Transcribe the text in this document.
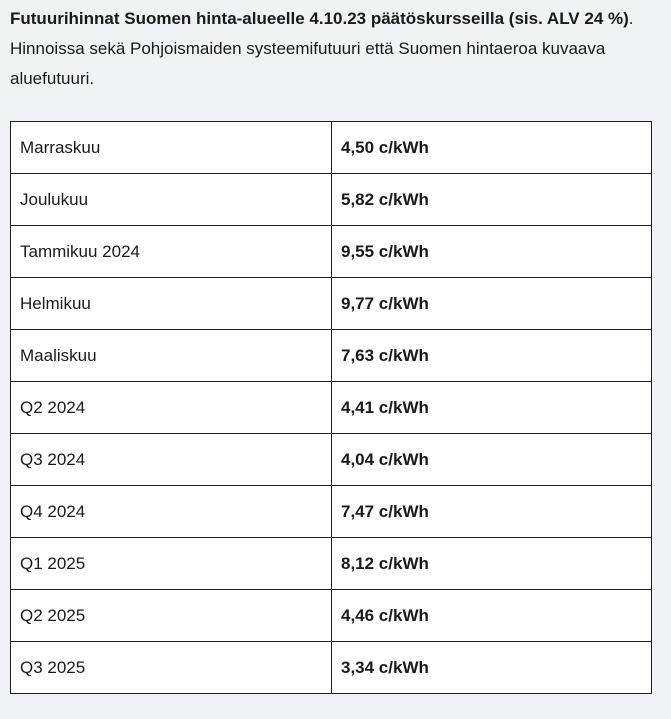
Futuurihinnat Suomen hinta-alueelle 4.10.23 päätöskursseilla (sis. ALV 24 %).
Hinnoissa sekä Pohjoismaiden systeemifutuuri että Suomen hintaeroa kuvaava aluefutuuri.
Marraskuu	4,50 c/kWh
Joulukuu	5,82 c/kWh
Tammikuu 2024	9,55 c/kWh
Helmikuu	9,77 c/kWh
Maaliskuu	7,63 c/kWh
Q2 2024	4,41 c/kWh
Q3 2024	4,04 c/kWh
Q4 2024	7,47 c/kWh
Q1 2025	8,12 c/kWh
Q2 2025	4,46 c/kWh
Q3 2025	3,34 c/kWh
